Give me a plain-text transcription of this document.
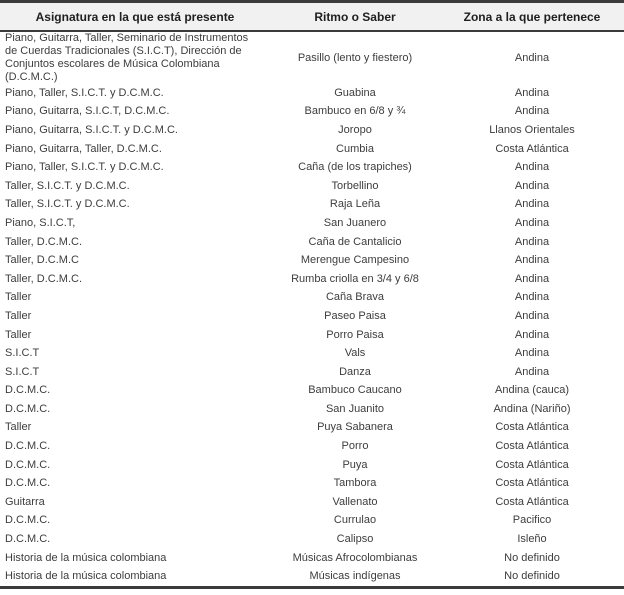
Asignatura en la que está presente	Ritmo o Saber	Zona a la que pertenece
Piano, Guitarra, Taller, Seminario de Instrumentos de Cuerdas Tradicionales (S.I.C.T), Dirección de Conjuntos escolares de Música Colombiana (D.C.M.C.)	Pasillo (lento y fiestero)	Andina
Piano, Taller, S.I.C.T. y D.C.M.C.	Guabina	Andina
Piano, Guitarra, S.I.C.T, D.C.M.C.	Bambuco en 6/8 y ¾	Andina
Piano, Guitarra, S.I.C.T. y D.C.M.C.	Joropo	Llanos Orientales
Piano, Guitarra, Taller, D.C.M.C.	Cumbia	Costa Atlántica
Piano, Taller, S.I.C.T. y D.C.M.C.	Caña (de los trapiches)	Andina
Taller, S.I.C.T. y D.C.M.C.	Torbellino	Andina
Taller, S.I.C.T. y D.C.M.C.	Raja Leña	Andina
Piano, S.I.C.T,	San Juanero	Andina
Taller, D.C.M.C.	Caña de Cantalicio	Andina
Taller, D.C.M.C	Merengue Campesino	Andina
Taller, D.C.M.C.	Rumba criolla en 3/4 y 6/8	Andina
Taller	Caña Brava	Andina
Taller	Paseo Paisa	Andina
Taller	Porro Paisa	Andina
S.I.C.T	Vals	Andina
S.I.C.T	Danza	Andina
D.C.M.C.	Bambuco Caucano	Andina (cauca)
D.C.M.C.	San Juanito	Andina (Nariño)
Taller	Puya Sabanera	Costa Atlántica
D.C.M.C.	Porro	Costa Atlántica
D.C.M.C.	Puya	Costa Atlántica
D.C.M.C.	Tambora	Costa Atlántica
Guitarra	Vallenato	Costa Atlántica
D.C.M.C.	Currulao	Pacifico
D.C.M.C.	Calipso	Isleño
Historia de la música colombiana	Músicas Afrocolombianas	No definido
Historia de la música colombiana	Músicas indígenas	No definido
